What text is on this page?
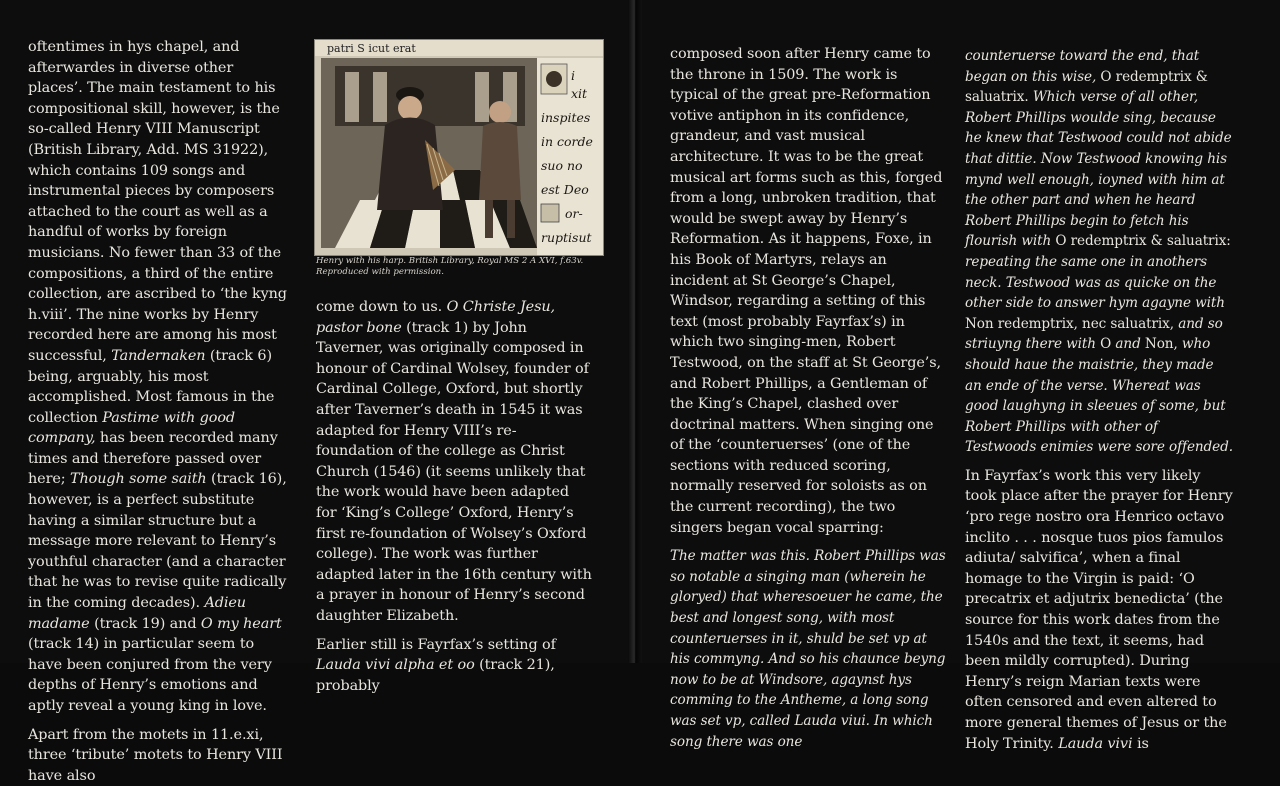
oftentimes in hys chapel, and afterwardes in diverse other places’. The main testament to his compositional skill, however, is the so-called Henry VIII Manuscript (British Library, Add. MS 31922), which contains 109 songs and instrumental pieces by composers attached to the court as well as a handful of works by foreign musicians. No fewer than 33 of the compositions, a third of the entire collection, are ascribed to ‘the kyng h.viii’. The nine works by Henry recorded here are among his most successful, Tandernaken (track 6) being, arguably, his most accomplished. Most famous in the collection Pastime with good company, has been recorded many times and therefore passed over here; Though some saith (track 16), however, is a perfect substitute having a similar structure but a message more relevant to Henry’s youthful character (and a character that he was to revise quite radically in the coming decades). Adieu madame (track 19) and O my heart (track 14) in particular seem to have been conjured from the very depths of Henry’s emotions and aptly reveal a young king in love.

Apart from the motets in 11.e.xi, three ‘tribute’ motets to Henry VIII have also

patri S icut erat
i
xit
inspites
in corde
suo no
est Deo
or-
ruptisut
Henry with his harp. British Library, Royal MS 2 A XVI, f.63v.
Reproduced with permission.

come down to us. O Christe Jesu, pastor bone (track 1) by John Taverner, was originally composed in honour of Cardinal Wolsey, founder of Cardinal College, Oxford, but shortly after Taverner’s death in 1545 it was adapted for Henry VIII’s re-foundation of the college as Christ Church (1546) (it seems unlikely that the work would have been adapted for ‘King’s College’ Oxford, Henry’s first re-foundation of Wolsey’s Oxford college). The work was further adapted later in the 16th century with a prayer in honour of Henry’s second daughter Elizabeth.

Earlier still is Fayrfax’s setting of Lauda vivi alpha et oo (track 21), probably

composed soon after Henry came to the throne in 1509. The work is typical of the great pre-Reformation votive antiphon in its confidence, grandeur, and vast musical architecture. It was to be the great musical art forms such as this, forged from a long, unbroken tradition, that would be swept away by Henry’s Reformation. As it happens, Foxe, in his Book of Martyrs, relays an incident at St George’s Chapel, Windsor, regarding a setting of this text (most probably Fayrfax’s) in which two singing-men, Robert Testwood, on the staff at St George’s, and Robert Phillips, a Gentleman of the King’s Chapel, clashed over doctrinal matters. When singing one of the ‘counteruerses’ (one of the sections with reduced scoring, normally reserved for soloists as on the current recording), the two singers began vocal sparring:

The matter was this. Robert Phillips was so notable a singing man (wherein he gloryed) that wheresoeuer he came, the best and longest song, with most counteruerses in it, shuld be set vp at his commyng. And so his chaunce beyng now to be at Windsore, agaynst hys comming to the Antheme, a long song was set vp, called Lauda viui. In which song there was one

counteruerse toward the end, that began on this wise, O redemptrix & saluatrix. Which verse of all other, Robert Phillips woulde sing, because he knew that Testwood could not abide that dittie. Now Testwood knowing his mynd well enough, ioyned with him at the other part and when he heard Robert Phillips begin to fetch his flourish with O redemptrix & saluatrix: repeating the same one in anothers neck. Testwood was as quicke on the other side to answer hym agayne with Non redemptrix, nec saluatrix, and so striuyng there with O and Non, who should haue the maistrie, they made an ende of the verse. Whereat was good laughyng in sleeues of some, but Robert Phillips with other of Testwoods enimies were sore offended.

In Fayrfax’s work this very likely took place after the prayer for Henry ‘pro rege nostro ora Henrico octavo inclito . . . nosque tuos pios famulos adiuta/ salvifica’, when a final homage to the Virgin is paid: ‘O precatrix et adjutrix benedicta’ (the source for this work dates from the 1540s and the text, it seems, had been mildly corrupted). During Henry’s reign Marian texts were often censored and even altered to more general themes of Jesus or the Holy Trinity. Lauda vivi is
